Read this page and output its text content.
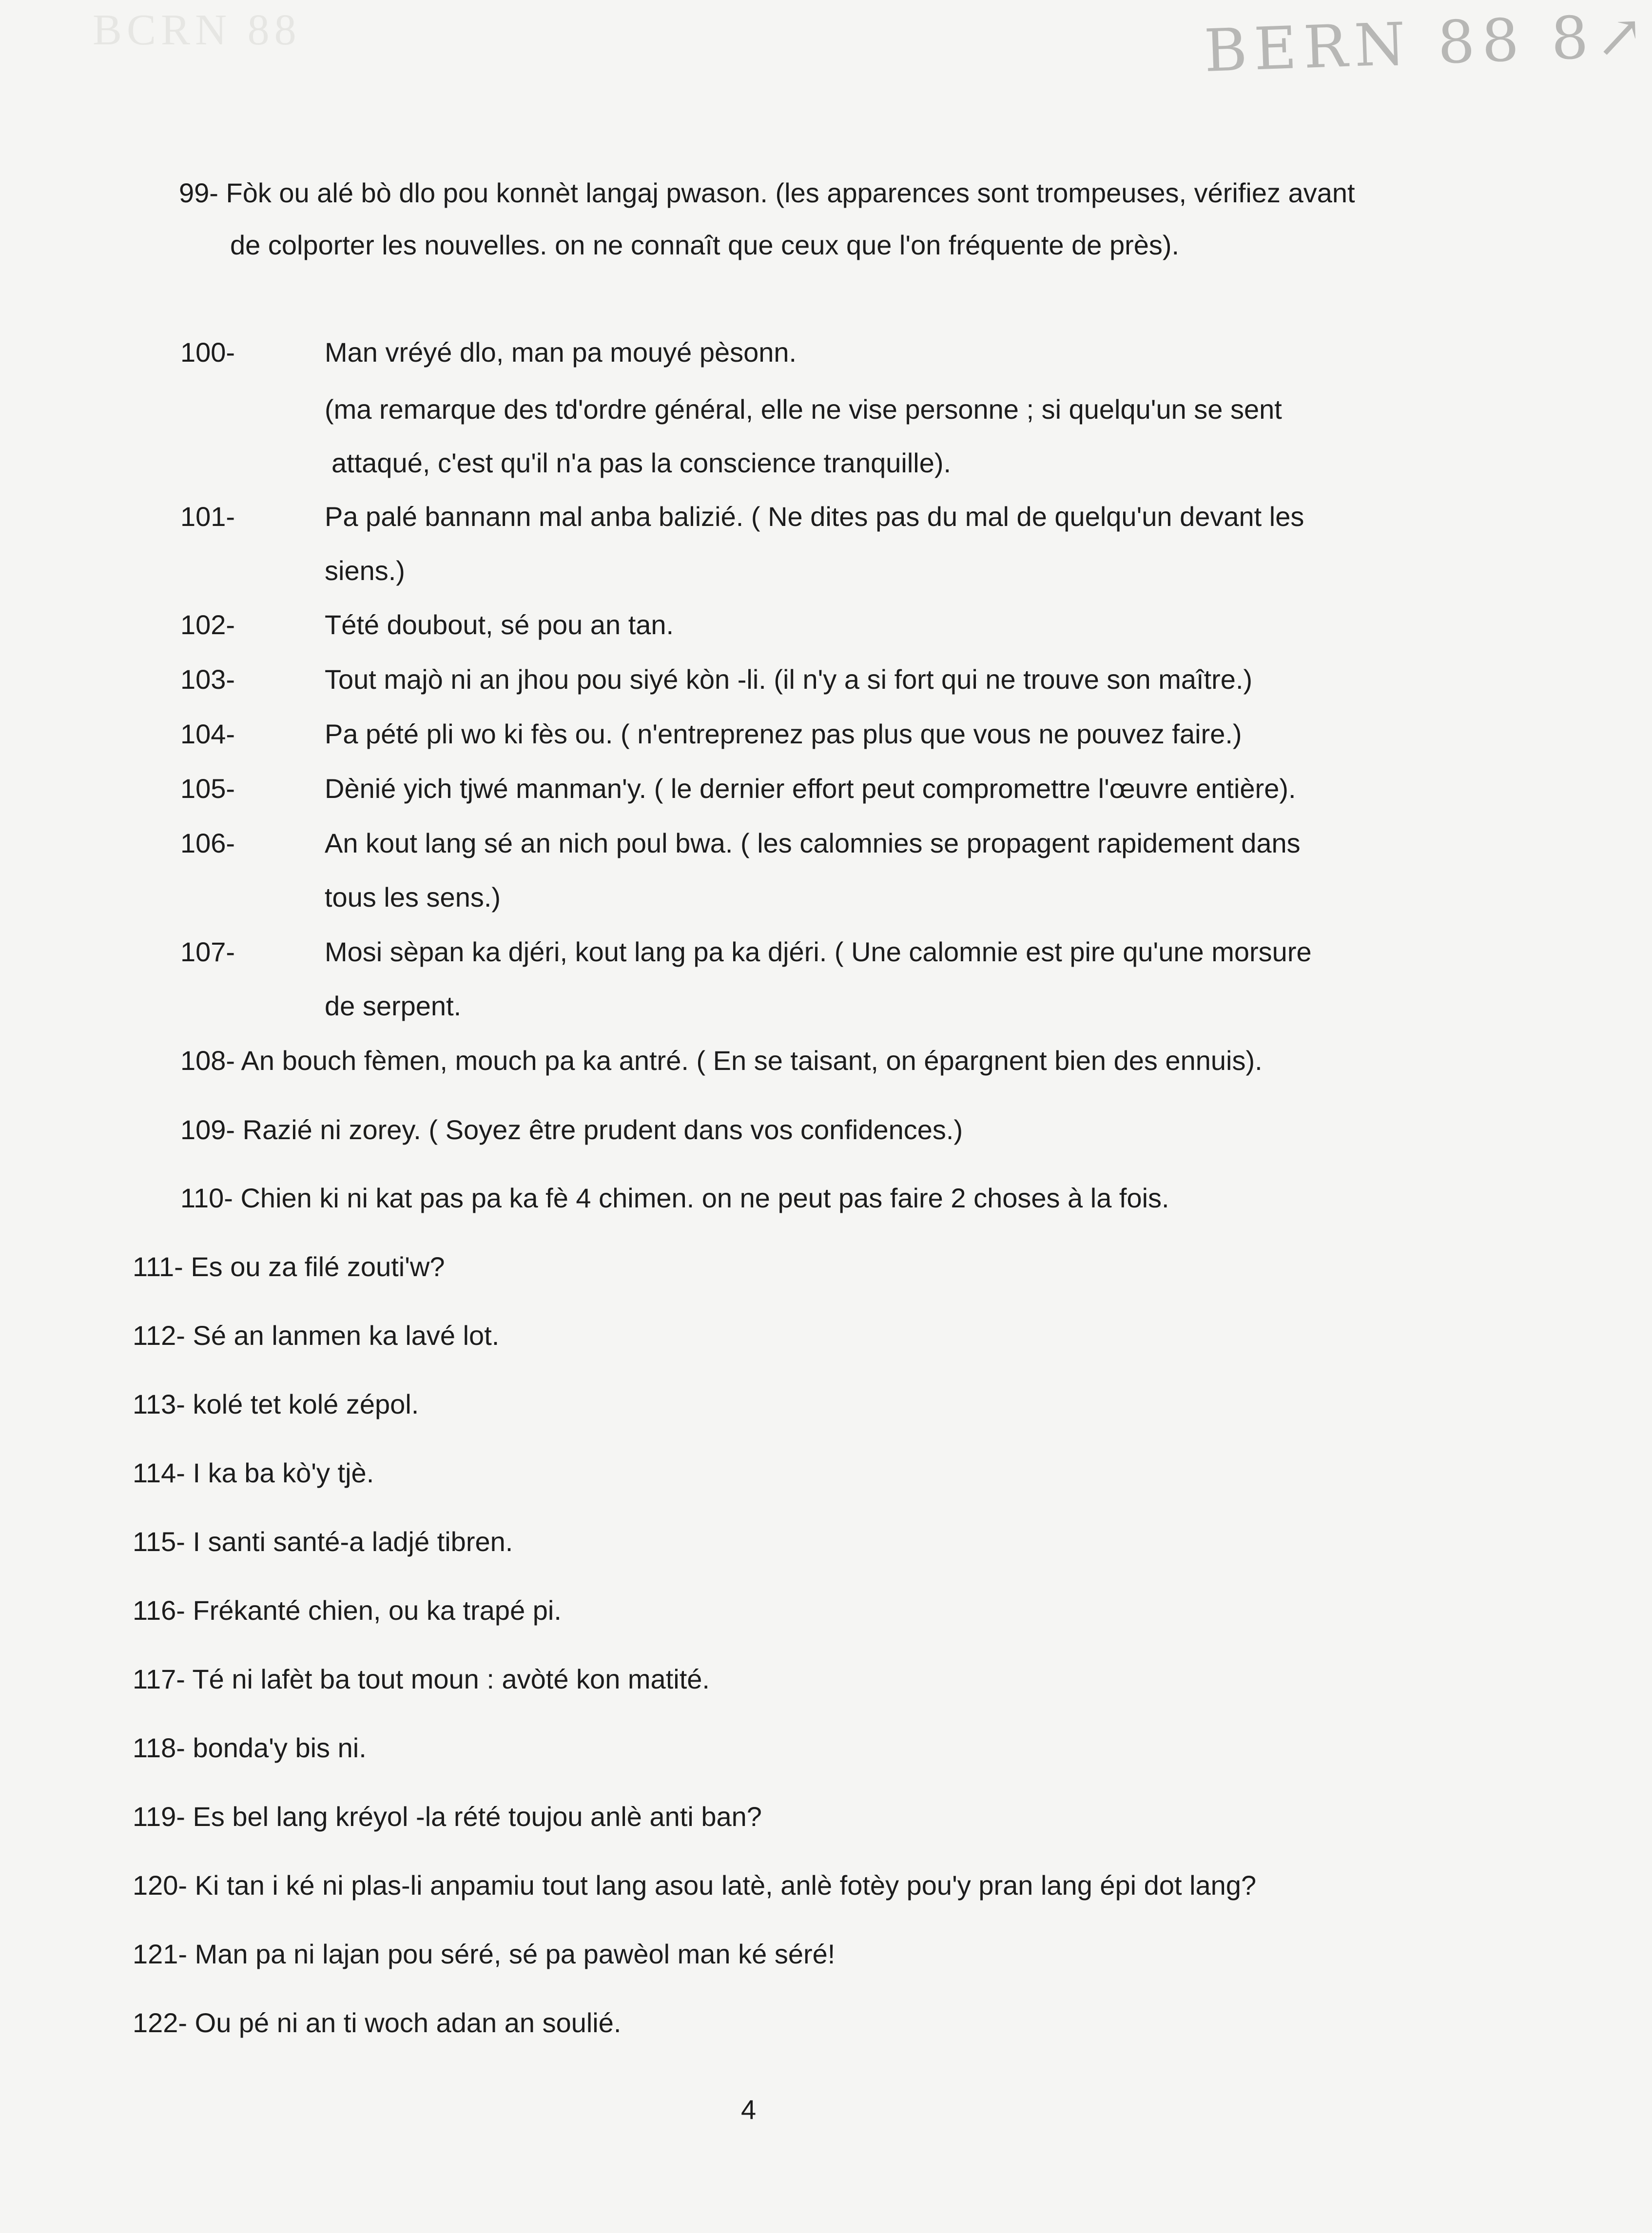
BCRN 88	BERN 88 8↗
99- Fòk ou alé bò dlo pou konnèt langaj pwason. (les apparences sont trompeuses, vérifiez avant
de colporter les nouvelles. on ne connaît que ceux que l'on fréquente de près).
100-	Man vréyé dlo, man pa mouyé pèsonn.
(ma remarque des td'ordre général, elle ne vise personne ; si quelqu'un se sent
attaqué, c'est qu'il n'a pas la conscience tranquille).
101-	Pa palé bannann mal anba balizié. ( Ne dites pas du mal de quelqu'un devant les
siens.)
102-	Tété doubout, sé pou an tan.
103-	Tout majò ni an jhou pou siyé kòn -li. (il n'y a si fort qui ne trouve son maître.)
104-	Pa pété pli wo ki fès ou. ( n'entreprenez pas plus que vous ne pouvez faire.)
105-	Dènié yich tjwé manman'y. ( le dernier effort peut compromettre l'œuvre entière).
106-	An kout lang sé an nich poul bwa. ( les calomnies se propagent rapidement dans
tous les sens.)
107-	Mosi sèpan ka djéri, kout lang pa ka djéri. ( Une calomnie est pire qu'une morsure
de serpent.
108- An bouch fèmen, mouch pa ka antré. ( En se taisant, on épargnent bien des ennuis).
109- Razié ni zorey. ( Soyez être prudent dans vos confidences.)
110- Chien ki ni kat pas pa ka fè 4 chimen. on ne peut pas faire 2 choses à la fois.
111- Es ou za filé zouti'w?
112- Sé an lanmen ka lavé lot.
113- kolé tet kolé zépol.
114- I ka ba kò'y tjè.
115- I santi santé-a ladjé tibren.
116- Frékanté chien, ou ka trapé pi.
117- Té ni lafèt ba tout moun : avòté kon matité.
118- bonda'y bis ni.
119- Es bel lang kréyol -la rété toujou anlè anti ban?
120- Ki tan i ké ni plas-li anpamiu tout lang asou latè, anlè fotèy pou'y pran lang épi dot lang?
121- Man pa ni lajan pou séré, sé pa pawèol man ké séré!
122- Ou pé ni an ti woch adan an soulié.
4
